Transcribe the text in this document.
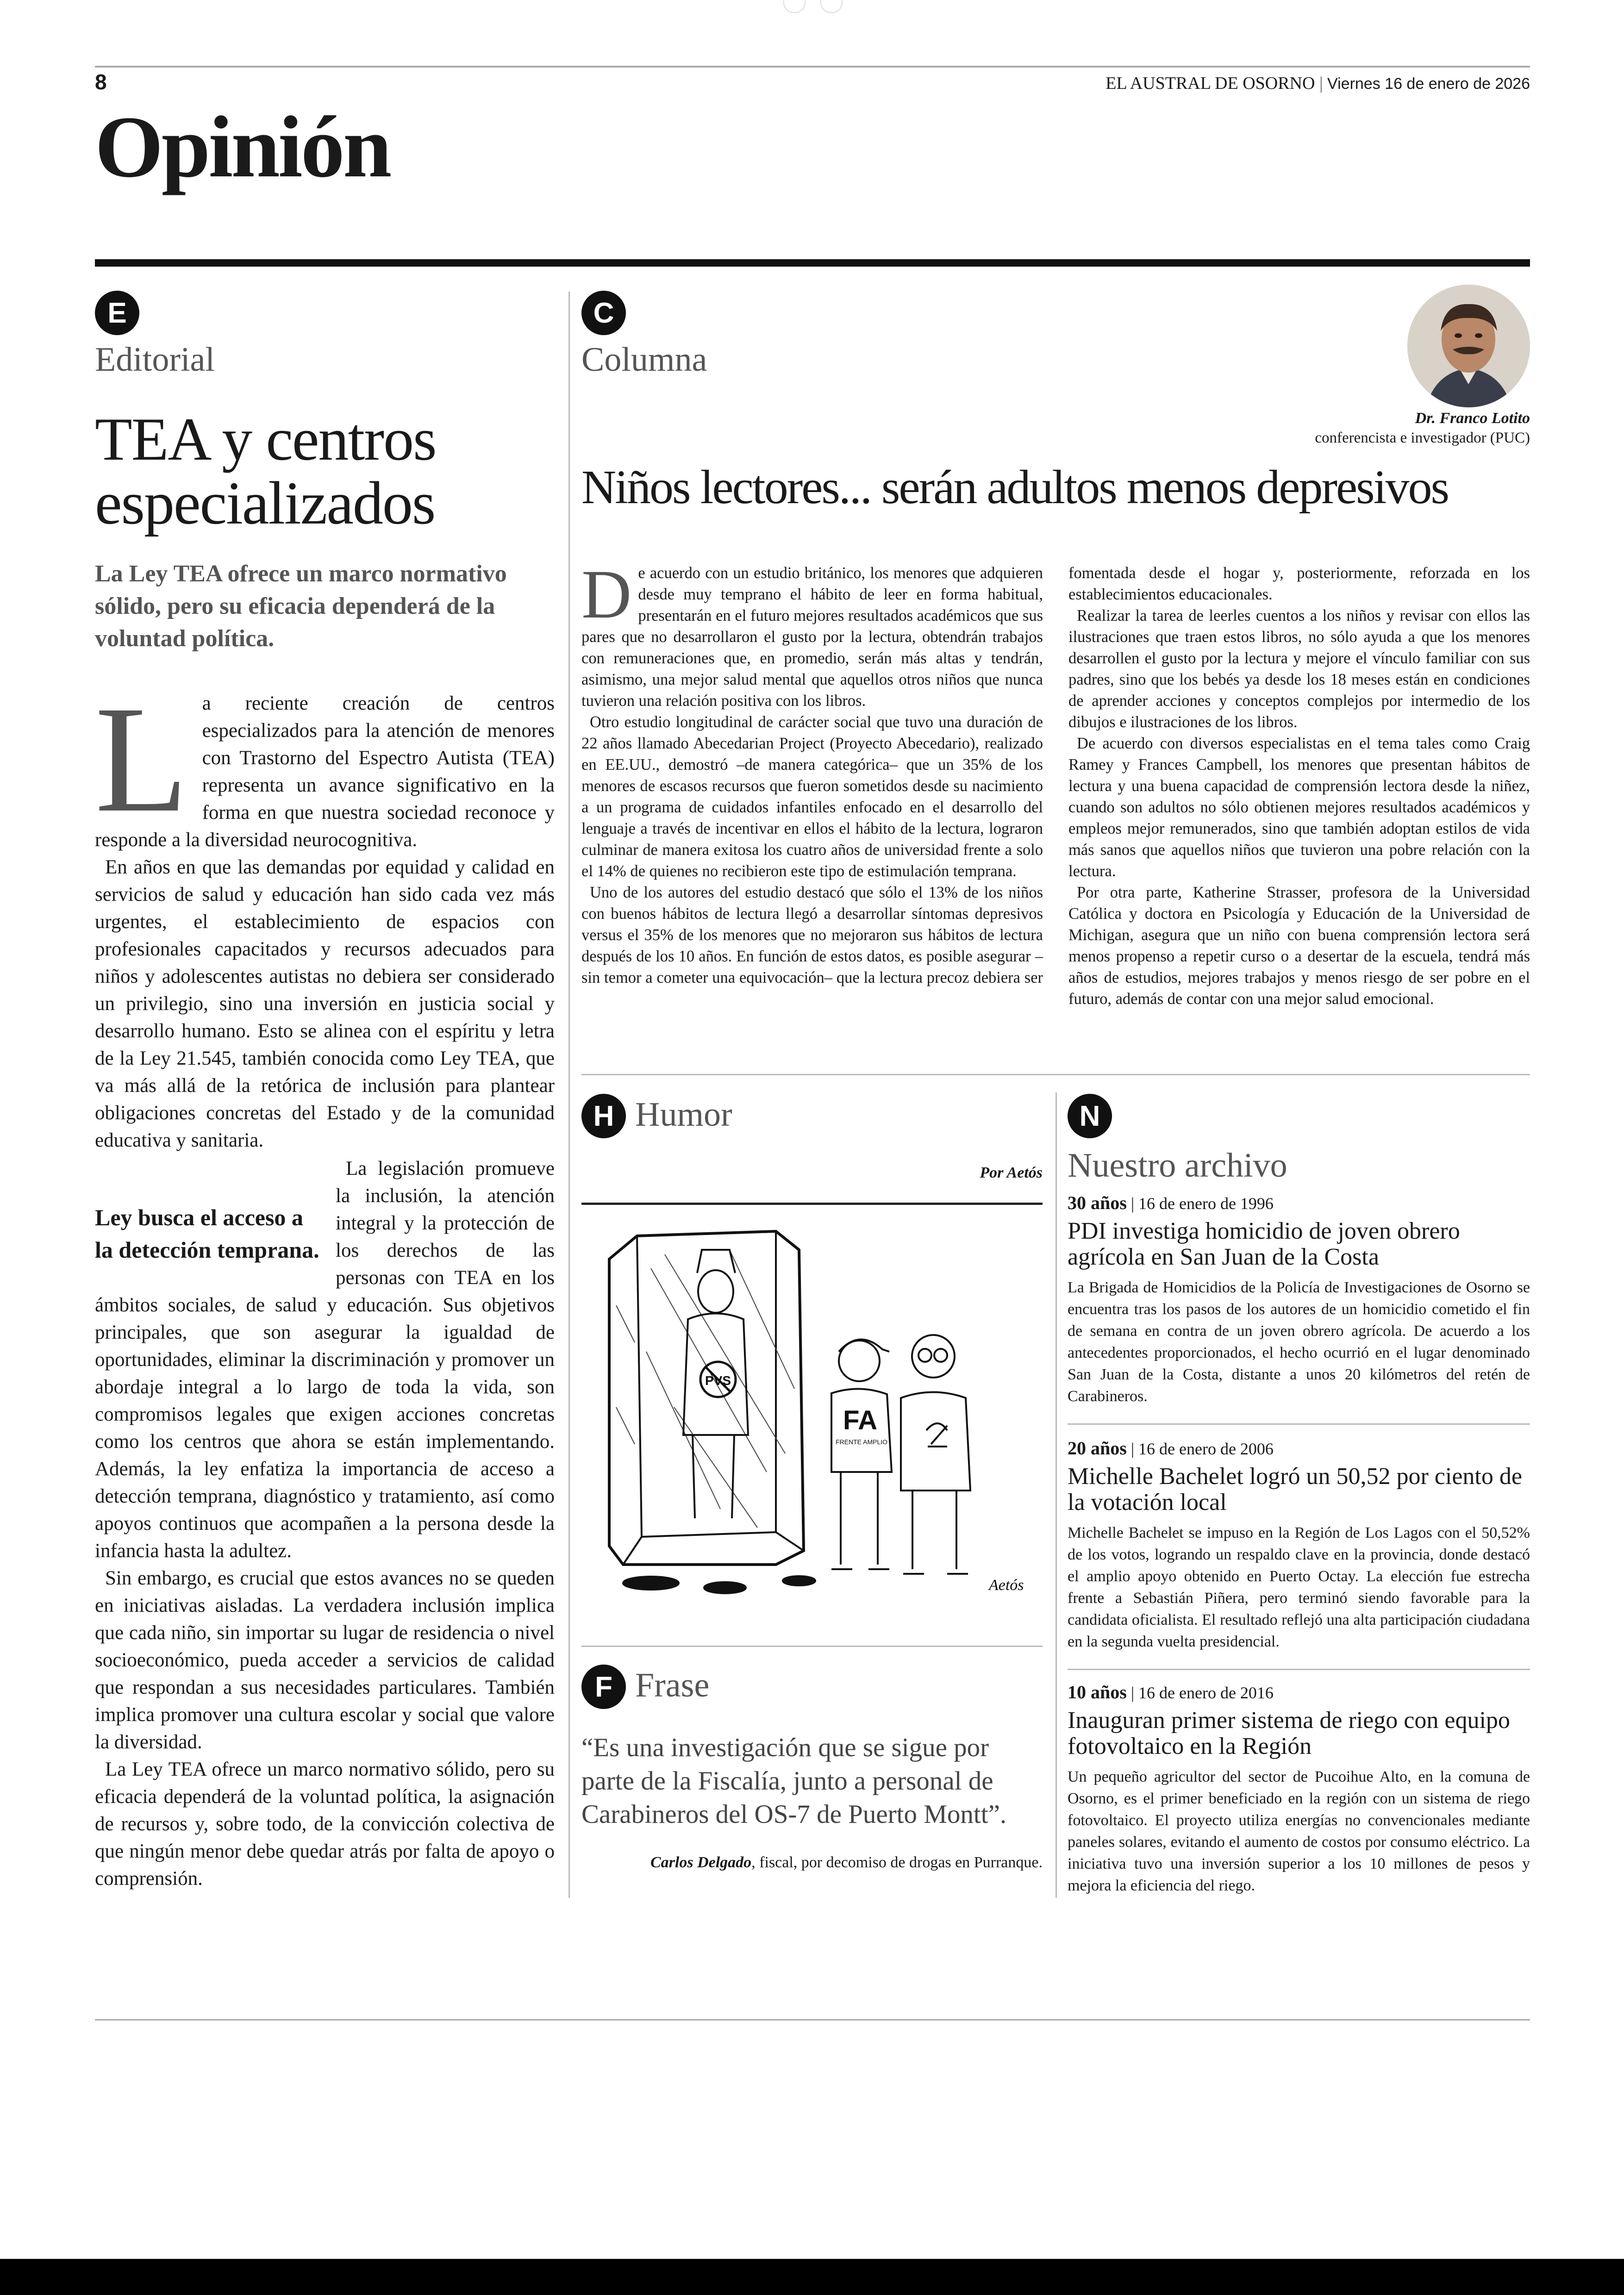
8	EL AUSTRAL DE OSORNO | Viernes 16 de enero de 2026
Opinión
E
Editorial
TEA y centros especializados
La Ley TEA ofrece un marco normativo sólido, pero su eficacia dependerá de la voluntad política.
L a reciente creación de centros especializados para la atención de menores con Trastorno del Espectro Autista (TEA) representa un avance significativo en la forma en que nuestra sociedad reconoce y responde a la diversidad neurocognitiva.

En años en que las demandas por equidad y calidad en servicios de salud y educación han sido cada vez más urgentes, el establecimiento de espacios con profesionales capacitados y recursos adecuados para niños y adolescentes autistas no debiera ser considerado un privilegio, sino una inversión en justicia social y desarrollo humano. Esto se alinea con el espíritu y letra de la Ley 21.545, también conocida como Ley TEA, que va más allá de la retórica de inclusión para plantear obligaciones concretas del Estado y de la comunidad educativa y sanitaria.

Ley busca el acceso a la detección temprana.
La legislación promueve la inclusión, la atención integral y la protección de los derechos de las personas con TEA en los ámbitos sociales, de salud y educación. Sus objetivos principales, que son asegurar la igualdad de oportunidades, eliminar la discriminación y promover un abordaje integral a lo largo de toda la vida, son compromisos legales que exigen acciones concretas como los centros que ahora se están implementando. Además, la ley enfatiza la importancia de acceso a detección temprana, diagnóstico y tratamiento, así como apoyos continuos que acompañen a la persona desde la infancia hasta la adultez.

Sin embargo, es crucial que estos avances no se queden en iniciativas aisladas. La verdadera inclusión implica que cada niño, sin importar su lugar de residencia o nivel socioeconómico, pueda acceder a servicios de calidad que respondan a sus necesidades particulares. También implica promover una cultura escolar y social que valore la diversidad.

La Ley TEA ofrece un marco normativo sólido, pero su eficacia dependerá de la voluntad política, la asignación de recursos y, sobre todo, de la convicción colectiva de que ningún menor debe quedar atrás por falta de apoyo o comprensión.

C
Columna
Dr. Franco Lotito
conferencista e investigador (PUC)
Niños lectores... serán adultos menos depresivos
D e acuerdo con un estudio británico, los menores que adquieren desde muy temprano el hábito de leer en forma habitual, presentarán en el futuro mejores resultados académicos que sus pares que no desarrollaron el gusto por la lectura, obtendrán trabajos con remuneraciones que, en promedio, serán más altas y tendrán, asimismo, una mejor salud mental que aquellos otros niños que nunca tuvieron una relación positiva con los libros.

Otro estudio longitudinal de carácter social que tuvo una duración de 22 años llamado Abecedarian Project (Proyecto Abecedario), realizado en EE.UU., demostró –de manera categórica– que un 35% de los menores de escasos recursos que fueron sometidos desde su nacimiento a un programa de cuidados infantiles enfocado en el desarrollo del lenguaje a través de incentivar en ellos el hábito de la lectura, lograron culminar de manera exitosa los cuatro años de universidad frente a solo el 14% de quienes no recibieron este tipo de estimulación temprana.

Uno de los autores del estudio destacó que sólo el 13% de los niños con buenos hábitos de lectura llegó a desarrollar síntomas depresivos versus el 35% de los menores que no mejoraron sus hábitos de lectura después de los 10 años. En función de estos datos, es posible asegurar –sin temor a cometer una equivocación– que la lectura precoz debiera ser fomentada desde el hogar y, posteriormente, reforzada en los establecimientos educacionales.

Realizar la tarea de leerles cuentos a los niños y revisar con ellos las ilustraciones que traen estos libros, no sólo ayuda a que los menores desarrollen el gusto por la lectura y mejore el vínculo familiar con sus padres, sino que los bebés ya desde los 18 meses están en condiciones de aprender acciones y conceptos complejos por intermedio de los dibujos e ilustraciones de los libros.

De acuerdo con diversos especialistas en el tema tales como Craig Ramey y Frances Campbell, los menores que presentan hábitos de lectura y una buena capacidad de comprensión lectora desde la niñez, cuando son adultos no sólo obtienen mejores resultados académicos y empleos mejor remunerados, sino que también adoptan estilos de vida más sanos que aquellos niños que tuvieron una pobre relación con la lectura.

Por otra parte, Katherine Strasser, profesora de la Universidad Católica y doctora en Psicología y Educación de la Universidad de Michigan, asegura que un niño con buena comprensión lectora será menos propenso a repetir curso o a desertar de la escuela, tendrá más años de estudios, mejores trabajos y menos riesgo de ser pobre en el futuro, además de contar con una mejor salud emocional.

H Humor
Por Aetós
PVS
FA
FRENTE AMPLIO
Aetós
F Frase
“Es una investigación que se sigue por parte de la Fiscalía, junto a personal de Carabineros del OS-7 de Puerto Montt”.
Carlos Delgado, fiscal, por decomiso de drogas en Purranque.
N
Nuestro archivo
30 años | 16 de enero de 1996
PDI investiga homicidio de joven obrero agrícola en San Juan de la Costa

La Brigada de Homicidios de la Policía de Investigaciones de Osorno se encuentra tras los pasos de los autores de un homicidio cometido el fin de semana en contra de un joven obrero agrícola. De acuerdo a los antecedentes proporcionados, el hecho ocurrió en el lugar denominado San Juan de la Costa, distante a unos 20 kilómetros del retén de Carabineros.

20 años | 16 de enero de 2006
Michelle Bachelet logró un 50,52 por ciento de la votación local

Michelle Bachelet se impuso en la Región de Los Lagos con el 50,52% de los votos, logrando un respaldo clave en la provincia, donde destacó el amplio apoyo obtenido en Puerto Octay. La elección fue estrecha frente a Sebastián Piñera, pero terminó siendo favorable para la candidata oficialista. El resultado reflejó una alta participación ciudadana en la segunda vuelta presidencial.

10 años | 16 de enero de 2016
Inauguran primer sistema de riego con equipo fotovoltaico en la Región

Un pequeño agricultor del sector de Pucoihue Alto, en la comuna de Osorno, es el primer beneficiado en la región con un sistema de riego fotovoltaico. El proyecto utiliza energías no convencionales mediante paneles solares, evitando el aumento de costos por consumo eléctrico. La iniciativa tuvo una inversión superior a los 10 millones de pesos y mejora la eficiencia del riego.
